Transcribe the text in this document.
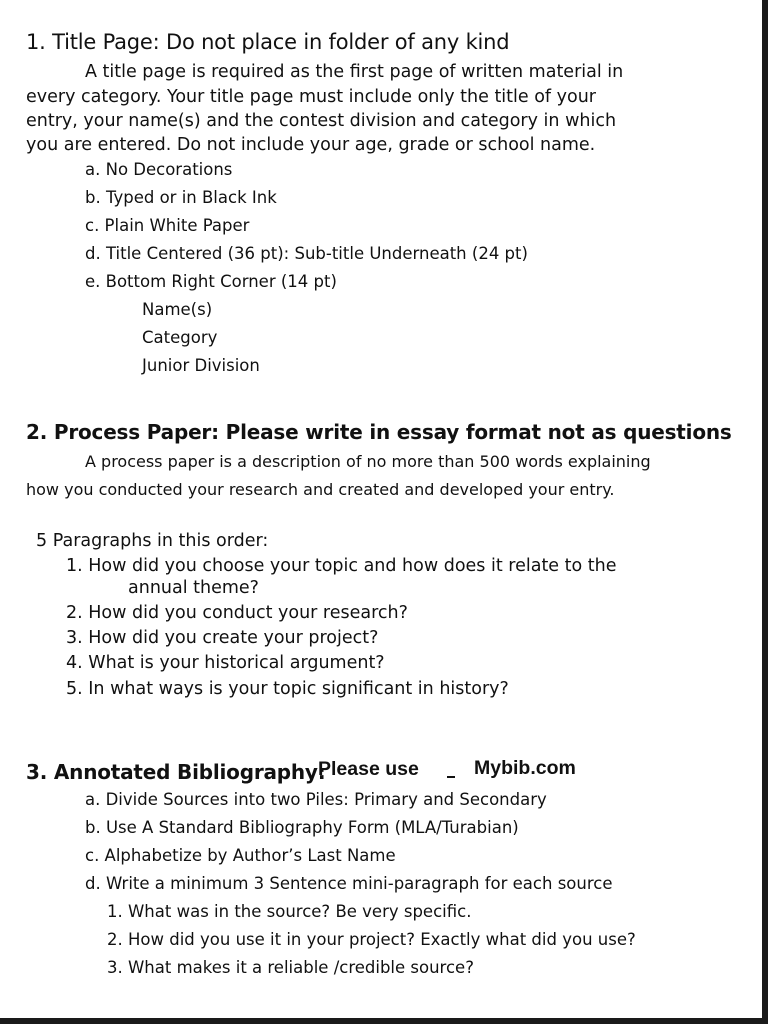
1. Title Page: Do not place in folder of any kind
A title page is required as the first page of written material in
every category. Your title page must include only the title of your
entry, your name(s) and the contest division and category in which
you are entered. Do not include your age, grade or school name.
a. No Decorations
b. Typed or in Black Ink
c. Plain White Paper
d. Title Centered (36 pt): Sub-title Underneath (24 pt)
e. Bottom Right Corner (14 pt)
Name(s)
Category
Junior Division
2. Process Paper: Please write in essay format not as questions
A process paper is a description of no more than 500 words explaining
how you conducted your research and created and developed your entry.
5 Paragraphs in this order:
1. How did you choose your topic and how does it relate to the
annual theme?
2. How did you conduct your research?
3. How did you create your project?
4. What is your historical argument?
5. In what ways is your topic significant in history?
3. Annotated Bibliography:
Please use	Mybib.com
a. Divide Sources into two Piles: Primary and Secondary
b. Use A Standard Bibliography Form (MLA/Turabian)
c. Alphabetize by Author’s Last Name
d. Write a minimum 3 Sentence mini-paragraph for each source
1. What was in the source? Be very specific.
2. How did you use it in your project? Exactly what did you use?
3. What makes it a reliable /credible source?
